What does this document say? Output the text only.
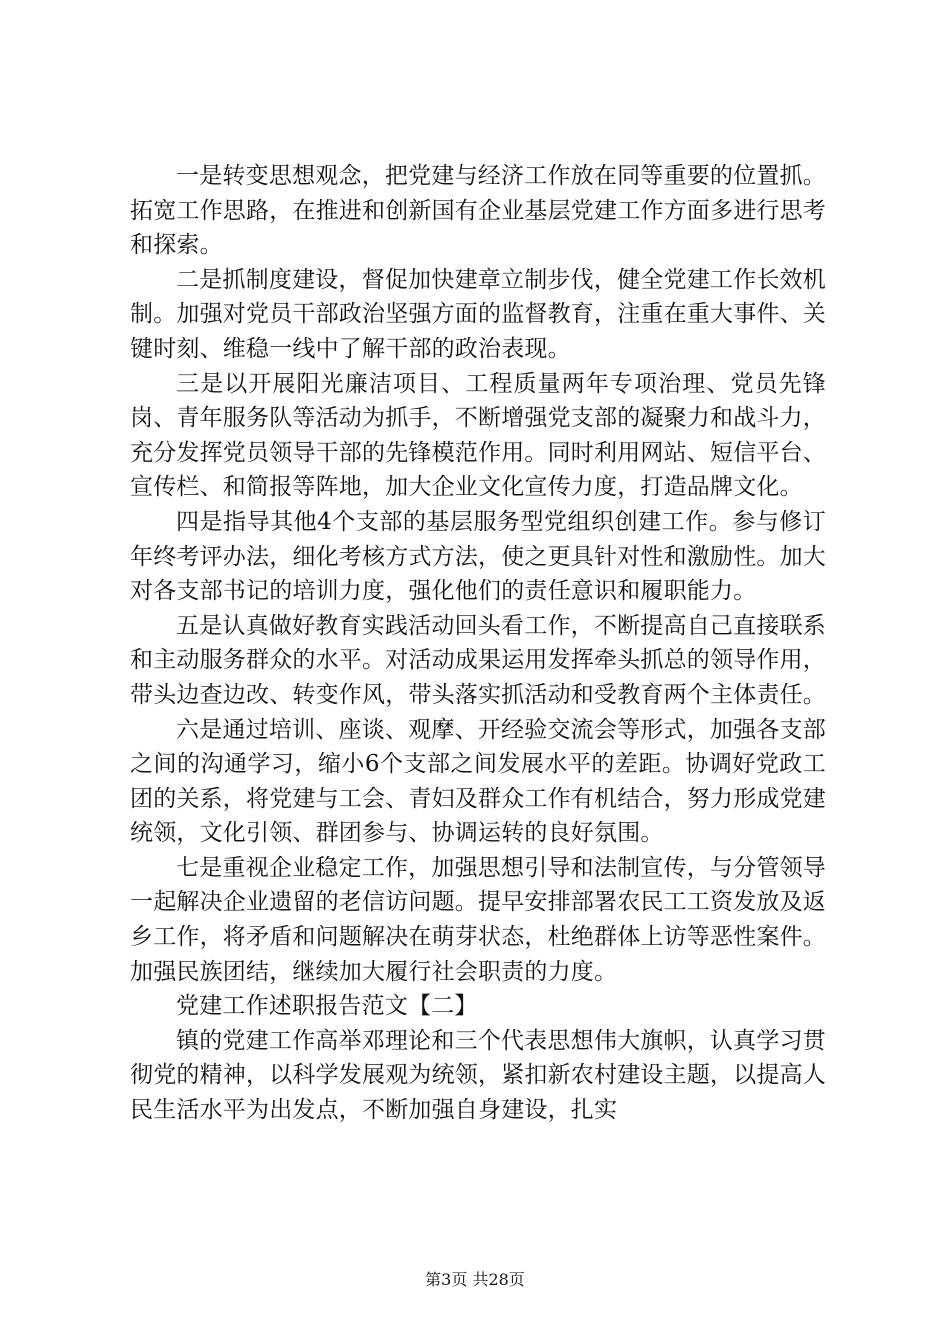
一是转变思想观念，把党建与经济工作放在同等重要的位置抓。拓宽工作思路，在推进和创新国有企业基层党建工作方面多进行思考和探索。

二是抓制度建设，督促加快建章立制步伐，健全党建工作长效机制。加强对党员干部政治坚强方面的监督教育，注重在重大事件、关键时刻、维稳一线中了解干部的政治表现。

三是以开展阳光廉洁项目、工程质量两年专项治理、党员先锋岗、青年服务队等活动为抓手，不断增强党支部的凝聚力和战斗力，充分发挥党员领导干部的先锋模范作用。同时利用网站、短信平台、宣传栏、和简报等阵地，加大企业文化宣传力度，打造品牌文化。

四是指导其他4个支部的基层服务型党组织创建工作。参与修订年终考评办法，细化考核方式方法，使之更具针对性和激励性。加大对各支部书记的培训力度，强化他们的责任意识和履职能力。

五是认真做好教育实践活动回头看工作，不断提高自己直接联系和主动服务群众的水平。对活动成果运用发挥牵头抓总的领导作用，带头边查边改、转变作风，带头落实抓活动和受教育两个主体责任。

六是通过培训、座谈、观摩、开经验交流会等形式，加强各支部之间的沟通学习，缩小6个支部之间发展水平的差距。协调好党政工团的关系，将党建与工会、青妇及群众工作有机结合，努力形成党建统领，文化引领、群团参与、协调运转的良好氛围。

七是重视企业稳定工作，加强思想引导和法制宣传，与分管领导一起解决企业遗留的老信访问题。提早安排部署农民工工资发放及返乡工作，将矛盾和问题解决在萌芽状态，杜绝群体上访等恶性案件。加强民族团结，继续加大履行社会职责的力度。

党建工作述职报告范文【二】

镇的党建工作高举邓理论和三个代表思想伟大旗帜，认真学习贯彻党的精神，以科学发展观为统领，紧扣新农村建设主题，以提高人民生活水平为出发点，不断加强自身建设，扎实

第3页 共28页
